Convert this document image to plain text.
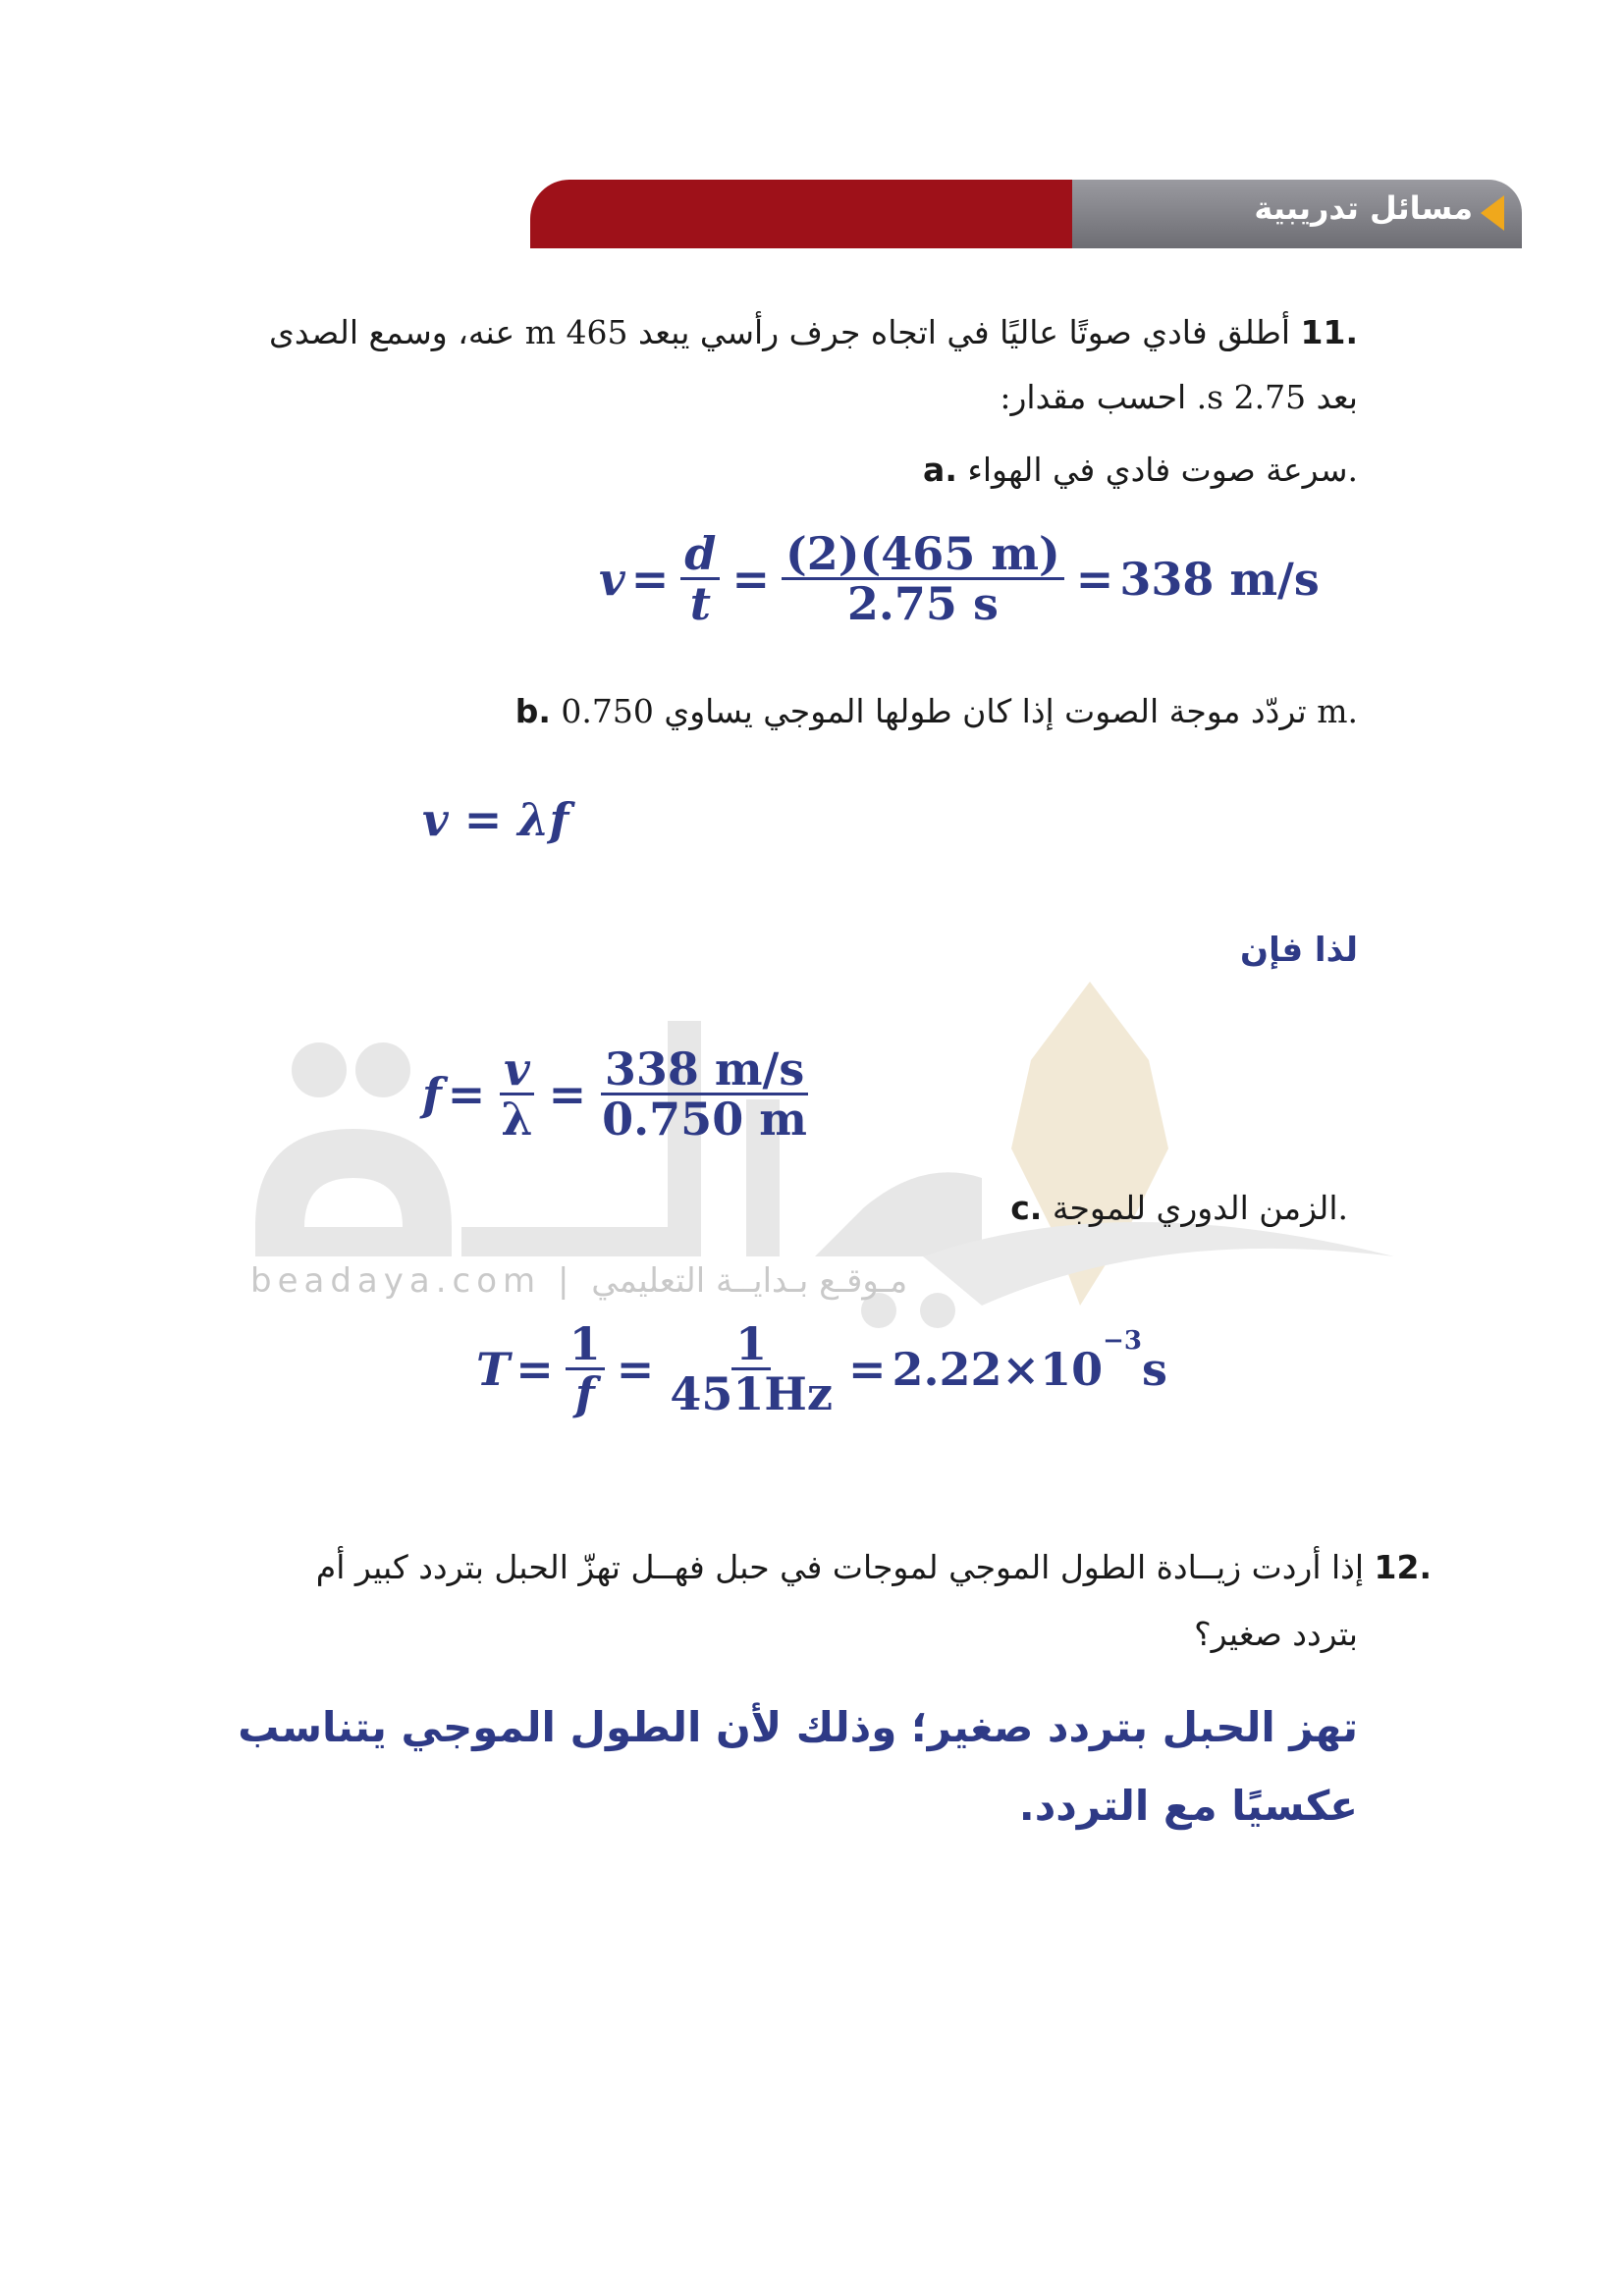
مسائل تدريبية
beadaya.com | مـوقـع بـدايــة التعليمي
.11 أطلق فادي صوتًا عاليًا في اتجاه جرف رأسي يبعد 465 m عنه، وسمع الصدى
بعد 2.75 s. احسب مقدار:
a. سرعة صوت فادي في الهواء.
$v = \frac{d}{t} = \frac{(2)(465 m)}{2.75 s} = 338$ m/s
b. تردّد موجة الصوت إذا كان طولها الموجي يساوي 0.750 m.
v = λf
لذا فإن
$f = \frac{v}{\lambda} = \frac{338 m/s}{0.750 m}$
c. الزمن الدوري للموجة.
$T = \frac{1}{f} = \frac{1}{451Hz} = 2.22\times 10$
$^{-3}$
s
.12 إذا أردت زيــادة الطول الموجي لموجات في حبل فهــل تهزّ الحبل بتردد كبير أم
بتردد صغير؟
تهز الحبل بتردد صغير؛ وذلك لأن الطول الموجي يتناسب
عكسيًا مع التردد.
